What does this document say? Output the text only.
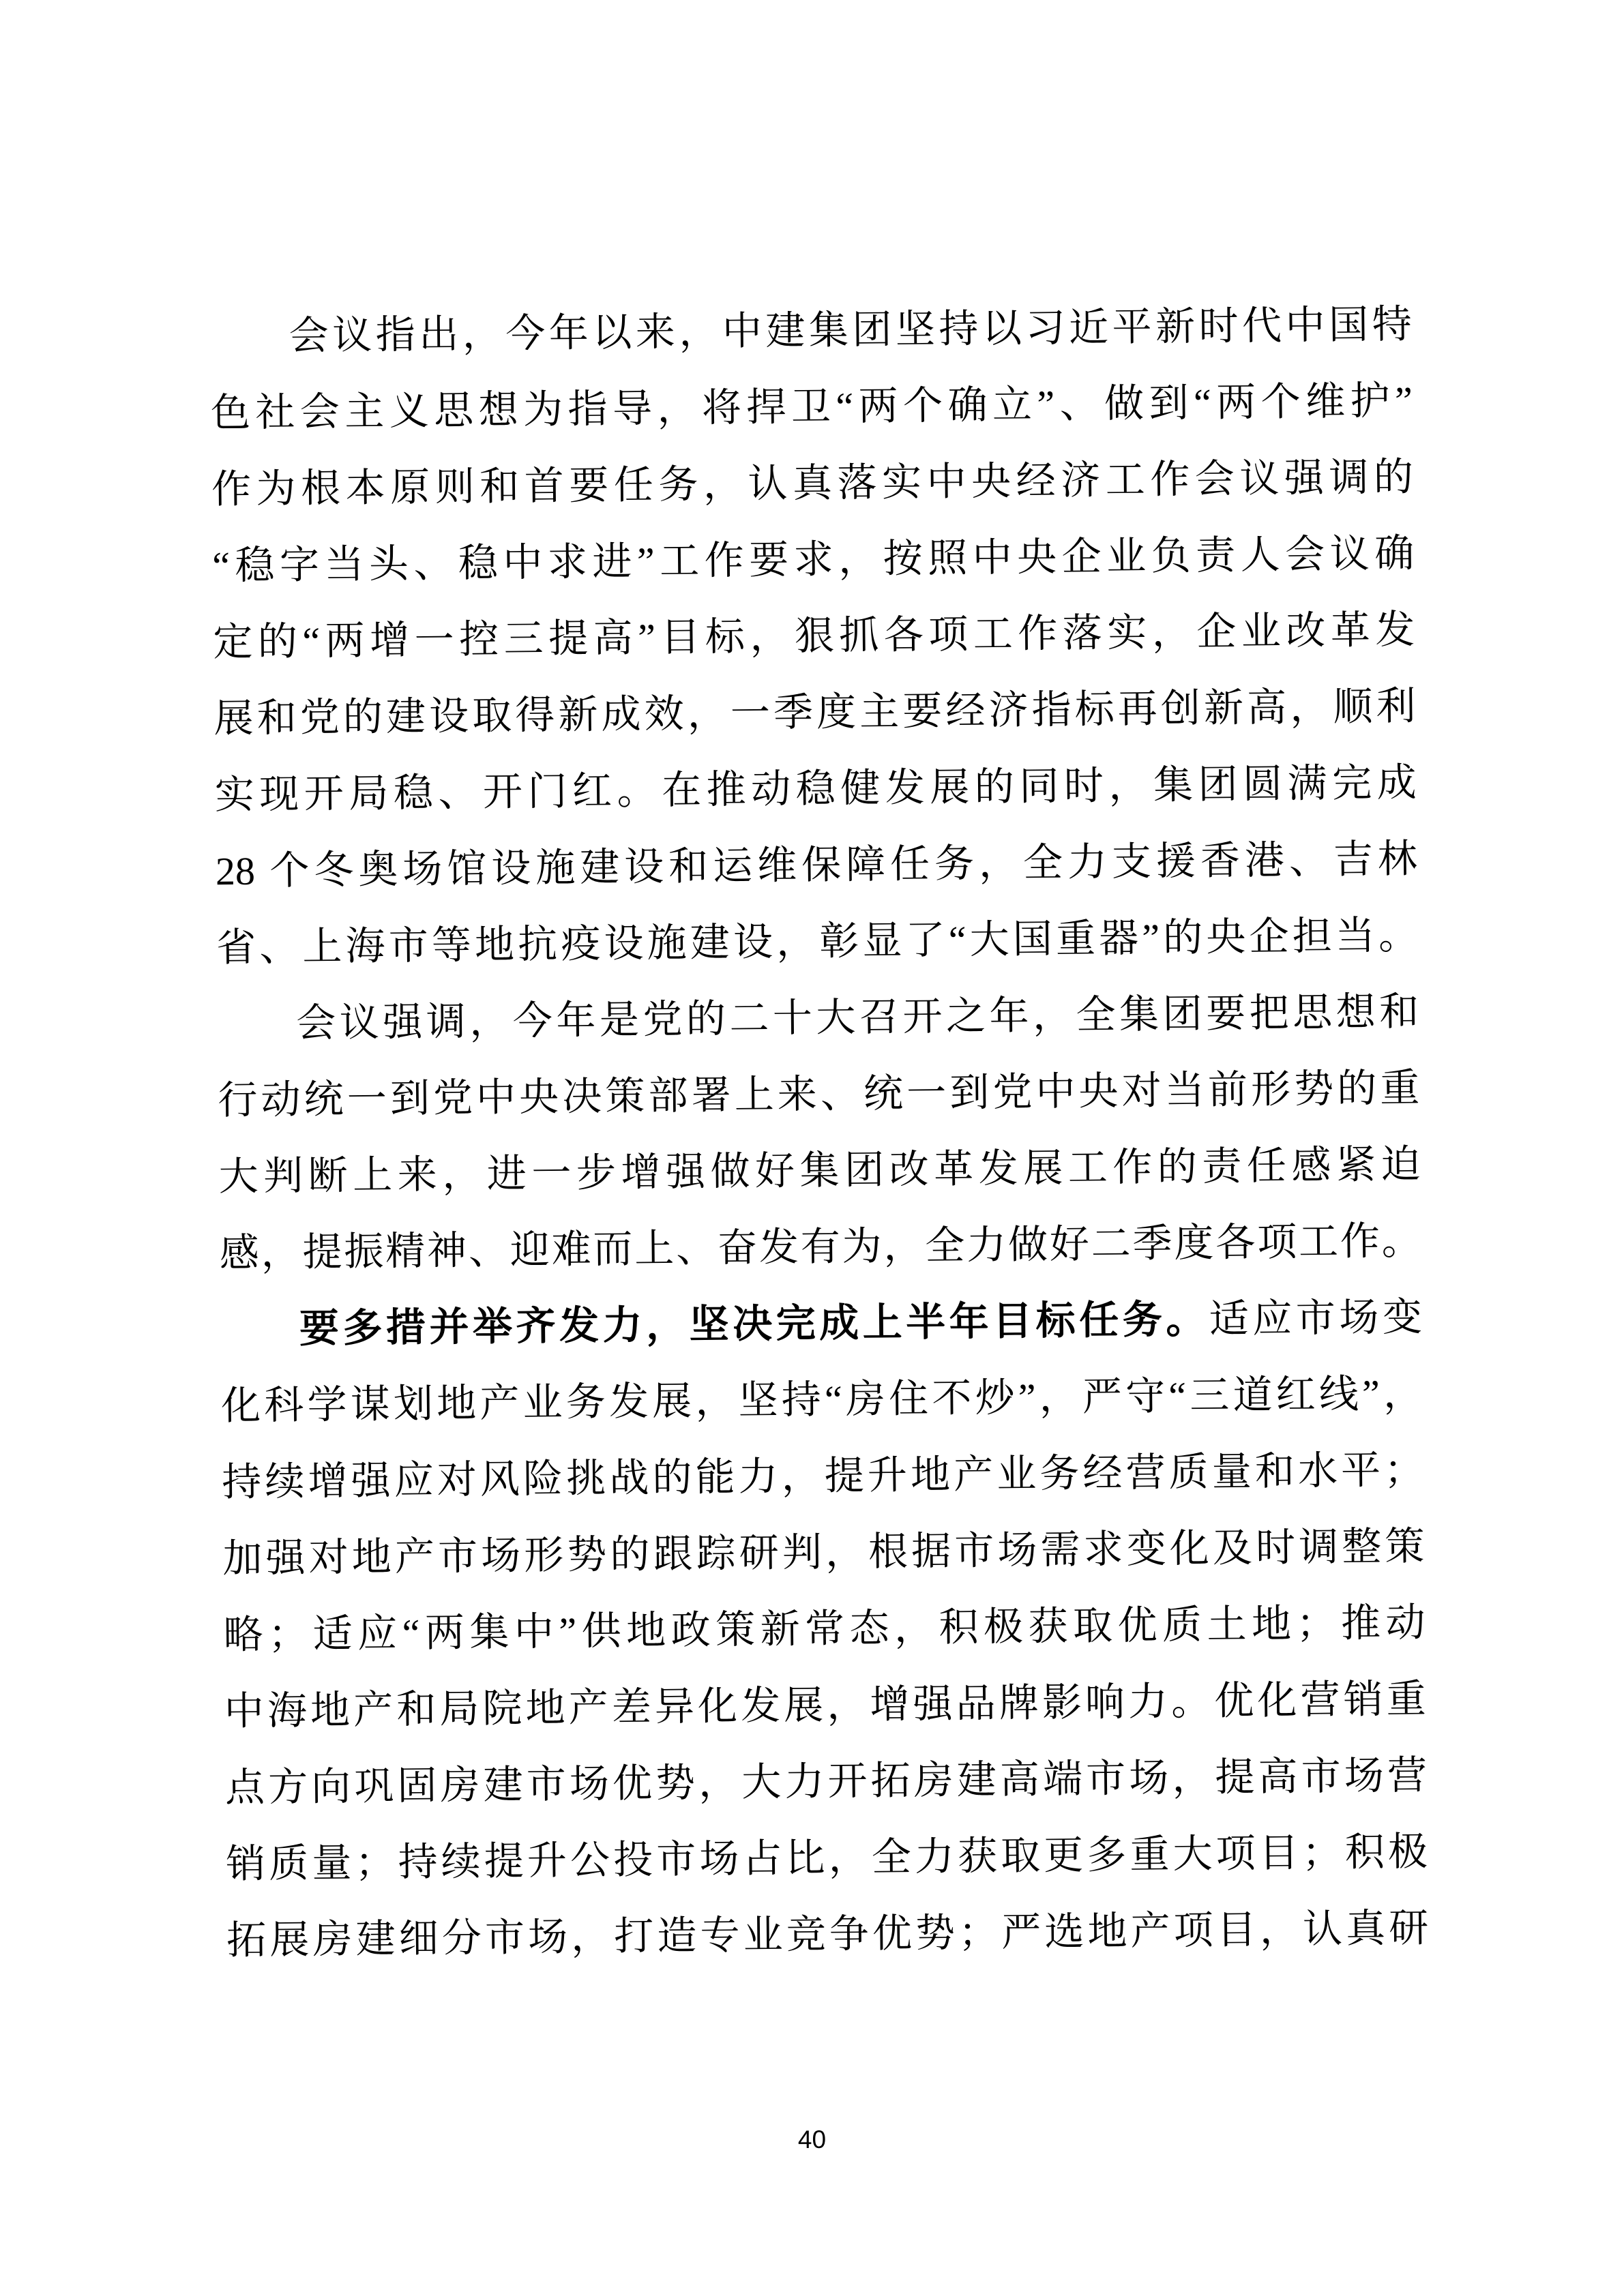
会议指出，今年以来，中建集团坚持以习近平新时代中国特
色社会主义思想为指导，将捍卫“两个确立”、做到“两个维护”
作为根本原则和首要任务，认真落实中央经济工作会议强调的
“稳字当头、稳中求进”工作要求，按照中央企业负责人会议确
定的“两增一控三提高”目标，狠抓各项工作落实，企业改革发
展和党的建设取得新成效，一季度主要经济指标再创新高，顺利
实现开局稳、开门红。在推动稳健发展的同时，集团圆满完成
28 个冬奥场馆设施建设和运维保障任务，全力支援香港、吉林
省、上海市等地抗疫设施建设，彰显了“大国重器”的央企担当。
会议强调，今年是党的二十大召开之年，全集团要把思想和
行动统一到党中央决策部署上来、统一到党中央对当前形势的重
大判断上来，进一步增强做好集团改革发展工作的责任感紧迫
感，提振精神、迎难而上、奋发有为，全力做好二季度各项工作。
要多措并举齐发力，坚决完成上半年目标任务。适应市场变
化科学谋划地产业务发展，坚持“房住不炒”，严守“三道红线”，
持续增强应对风险挑战的能力，提升地产业务经营质量和水平；
加强对地产市场形势的跟踪研判，根据市场需求变化及时调整策
略；适应“两集中”供地政策新常态，积极获取优质土地；推动
中海地产和局院地产差异化发展，增强品牌影响力。优化营销重
点方向巩固房建市场优势，大力开拓房建高端市场，提高市场营
销质量；持续提升公投市场占比，全力获取更多重大项目；积极
拓展房建细分市场，打造专业竞争优势；严选地产项目，认真研
40
